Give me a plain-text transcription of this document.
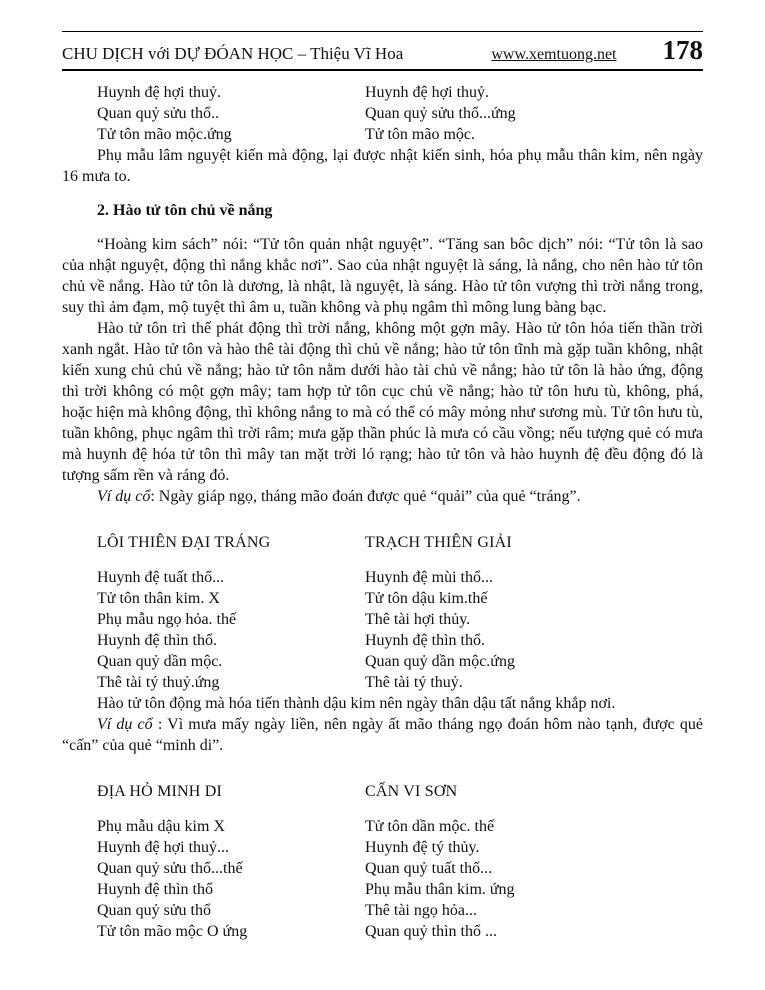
CHU DỊCH với DỰ ĐÓAN HỌC – Thiệu Vĩ Hoa	www.xemtuong.net 178
Huynh đệ hợi thuỷ.
Quan quỷ sửu thổ..
Tử tôn mão mộc.ứng
Huynh đệ hợi thuỷ.
Quan quỷ sửu thổ...ứng
Tử tôn mão mộc.

Phụ mẫu lâm nguyệt kiến mà động, lại được nhật kiến sinh, hóa phụ mẫu thân kim, nên ngày 16 mưa to.

2. Hào tử tôn chủ về nắng

“Hoàng kim sách” nói: “Tử tôn quản nhật nguyệt”. “Tăng san bôc dịch” nói: “Tử tôn là sao của nhật nguyệt, động thì nắng khắc nơi”. Sao của nhật nguyệt là sáng, là nắng, cho nên hào tử tôn chủ về nắng. Hào tử tôn là dương, là nhật, là nguyệt, là sáng. Hào tử tôn vượng thì trời nắng trong, suy thì ảm đạm, mộ tuyệt thì âm u, tuần không và phụ ngâm thì mông lung bàng bạc.

Hào tử tôn trì thế phát động thì trời nắng, không một gợn mây. Hào tử tôn hóa tiến thần trời xanh ngắt. Hào tử tôn và hào thê tài động thì chủ về nắng; hào tử tôn tĩnh mà gặp tuần không, nhật kiến xung chủ chủ về nắng; hào tử tôn nằm dưới hào tài chủ về nắng; hào tử tôn là hào ứng, động thì trời không có một gợn mây; tam hợp tử tôn cục chủ về nắng; hào tử tôn hưu tù, không, phá, hoặc hiện mà không động, thì không nắng to mà có thể có mây mỏng như sương mù. Tử tôn hưu tù, tuần không, phục ngâm thì trời râm; mưa gặp thần phúc là mưa có cầu vồng; nếu tượng quẻ có mưa mà huynh đệ hóa tử tôn thì mây tan mặt trời ló rạng; hào tử tôn và hào huynh đệ đều động đó là tượng sấm rền và ráng đỏ.

Ví dụ cổ: Ngày giáp ngọ, tháng mão đoán được quẻ “quải” của quẻ “tráng”.

LÔI THIÊN ĐẠI TRÁNG
Huynh đệ tuất thổ...
Tử tôn thân kim. X
Phụ mẫu ngọ hỏa. thế
Huynh đệ thìn thổ.
Quan quỷ dần mộc.
Thê tài tý thuỷ.ứng
TRẠCH THIÊN GIẢI
Huynh đệ mùi thổ...
Tử tôn dậu kim.thế
Thê tài hợi thủy.
Huynh đệ thìn thổ.
Quan quỷ dần mộc.ứng
Thê tài tý thuỷ.

Hào tử tôn động mà hóa tiến thành dậu kim nên ngày thân dậu tất nắng khắp nơi.

Ví dụ cổ : Vì mưa mấy ngày liền, nên ngày ất mão tháng ngọ đoán hôm nào tạnh, được quẻ “cấn” của quẻ “minh di”.

ĐỊA HỎ MINH DI
Phụ mẫu dậu kim X
Huynh đệ hợi thuỷ...
Quan quỷ sửu thổ...thế
Huynh đệ thìn thổ
Quan quỷ sửu thổ
Tử tôn mão mộc O ứng
CẤN VI SƠN
Tử tôn dần mộc. thế
Huynh đệ tý thủy.
Quan quỷ tuất thổ...
Phụ mẫu thân kim. ứng
Thê tài ngọ hỏa...
Quan quỷ thìn thổ ...
